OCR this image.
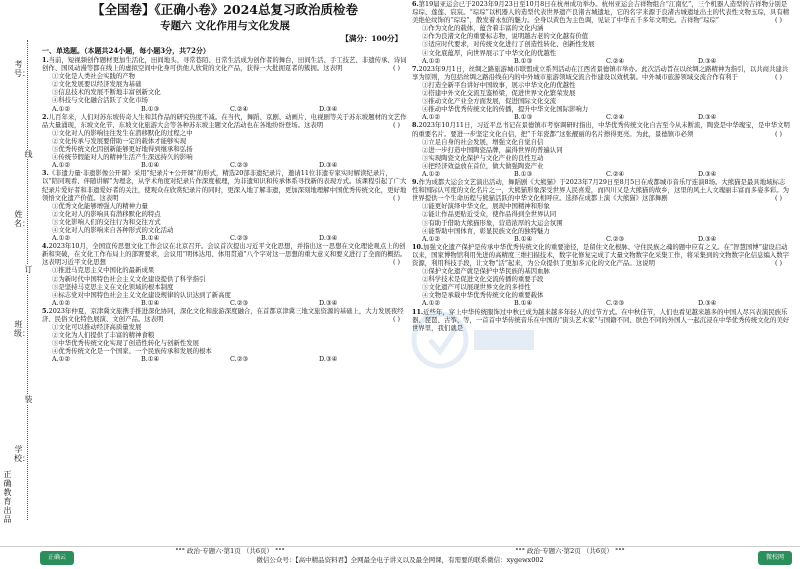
考号：
线
姓名：
订
班级：
装
学校：
正确教育出品
【全国卷】《正确小卷》2024总复习政治质检卷
专题六 文化作用与文化发展
【满分：100分】
一、单选题。（本题共24小题，每小题3分，共72分）
1.当前，短视频创作题材更加生活化，田间地头、寻常巷陌、日常生活成为创作者的舞台，田间生活、手工技艺、非遗传承、诗词创作、国风动漫等都在线上的虚拟空间中化身可供他人欣赏的文化产品，获得一大批拥趸者的簇拥。这表明	( )
①文化是人类社会实践的产物
②文化发展要以经济发展为基础
③信息技术的发展不断地丰富创新文化
④科技与文化融合活跃了文化市场
A.①②	B.①③	C.②④	D.③④
2.儿百年来，人们对苏东坡传奇人生和其作品的研究热度不减。在当代，舞蹈、京剧、动画片、电视剧等关于苏东坡题材的文艺作品大量涌现，东坡文化节、东坡文化旅游大会等各种苏东坡主题文化活动也在各地纷纷登场。这表明	( )
①文化对人的影响往往发生在潜移默化的过程之中
②文化传承与发展要借助一定的载体才能够实现
③优秀传统文化因创新能够更好地得到继承和弘扬
④传统节假能对人的精神生活产生深远持久的影响
A.①②	B.①④	C.②③	D.③④
3.《非遗力量·非遗影像公开课》采用“纪录片+公开课”的形式，精选20部非遗纪录片，邀请11位非遗专家实时解读纪录片，以“陪同观看、伴随讲解”为理念，从学术角度对纪录片作深度梳理，为非遗知识和传承体系寻找新的表现方式。该课程引起了广大纪录片爱好者和非遗爱好者的关注，使观众在欣赏纪录片的同时，更深入地了解非遗，更加深刻地理解中国优秀传统文化，更好地领悟文化遗产价值。这表明	( )
①优秀文化能够增强人的精神力量
②文化对人的影响具有潜移默化的特点
③文化影响人们的交往行为和交往方式
④文化对人的影响来自各种形式的文化活动
A.①②	B.①④	C.②③	D.③④
4.2023年10月，全国宣传思想文化工作会议在北京召开。会议首次提出习近平文化思想，并指出这一思想在文化理论观点上的创新和突破，在文化工作布局上的部署要求，会议用“明体达用、体用贯通”八个字对这一思想的重大意义和要义进行了全面的概括。这表明习近平文化思想	( )
①推进马克思主义中国化的最新成果
②为新时代中国特色社会主义文化建设提供了科学指引
③是坚持马克思主义在文化领域的根本制度
④标志党对中国特色社会主义文化建设规律的认识达到了新高度
A.①②	B.①④	C.②③	D.③④
5.2023年仲夏，京津冀文旅携手推进深化协同，深化文化和旅游深度融合，在首都京津冀三地文旅资源的基础上，大力发展夜经济、民俗文化特色展演、文创产品。这表明	( )
①文化可以推动经济高质量发展
②文化为人们提供了丰富的精神食粮
③中华优秀传统文化实现了创造性转化与创新性发展
④优秀传统文化是一个国家、一个民族传承和发展的根本
A.①②	B.①④	C.②③	D.③④
6.第19届亚运会已于2023年9月23日至10月8日在杭州成功举办。杭州亚运会吉祥物组合“江南忆”，三个机器人造型的吉祥物分别是琮琮、莲莲、宸宸。“琮琮”以机器人的造型代表世界遗产良渚古城遗址，它的名字来源于良渚古城遗址出土的代表性文物玉琮，具有精美绝伦纹饰的“琮琮”，散发着永恒的魅力。全身以黄色为主色调，见证了中华五千多年文明史。吉祥物“琮琮”	( )
①作为文化的载体，蕴含着丰富的文化内涵
②作为良渚文化的重要标志物，说明越古老的文化越有价值
③适应时代要求，对传统文化进行了创造性转化、创新性发展
④文化底蕴厚，向世界展示了中华文化的优越性
A.①②	B.①③	C.②④	D.③④
7.2023年9月1日，丝绸之路旅游城市联盟成立系列活动在江西省景德镇市举办。此次活动旨在以丝绸之路精神为指引，以共商共建共享为原则，为包括丝绸之路沿线在内的中外城市旅游领域交流合作建设以效机制。中外城市旅游领域交流合作有利于	( )
①打造全新平台讲好中国故事，展示中华文化的优越性
②搭建中外文化交流互鉴桥梁，促进世界文化繁荣发展
③推动文化产业全方面发展，促进国际文化交流
④推动中华优秀传统文化的传播，提升中华文化国际影响力
A.①②	B.①③	C.②④	D.③④
8.2023年10月11日，习近平总书记在景德镇市考察调研时指出，中华优秀传统文化自古至今从未断流，陶瓷是中华瑰宝，是中华文明的重要名片。要进一步坚定文化自信，把“千年瓷都”这张靓丽的名片擦得更亮。为此，景德镇市必须	( )
①立足自身的社会发展，增强文化自觉自信
②进一步打造中国陶瓷品牌，赢得世界的普遍认同
③实现陶瓷文化保护与文化产业的良性互动
④把经济效益放在首位，做大做强陶瓷产业
A.①②	B.①③	C.②④	D.③④
9.作为成都大运会文艺演出活动，舞蹈剧《大熊猫》于2023年7月29日至8月5日在成都城市音乐厅连演8场。大熊猫是最具地域标志性和国际认可度的文化名片之一，大熊猫形象深受世界人民喜爱，而四川又是大熊猫的故乡，这里的风土人文瑰丽丰富而多姿多彩。为世界提供一个生命历程与熊猫活跃的中华文化相呼应。选择在成都上演《大熊猫》这部舞剧	( )
①能更好演绎中华文化，展现中国精神和形象
②能让作品更贴近受众，使作品得到全世界认同
③有助于借助大熊猫形象，营造浓厚的大运会氛围
④能帮助中国体育，彰显民族文化的独特魅力
A.①②	B.①④	C.②③	D.③④
10.加强文化遗产保护是传承中华优秀传统文化的重要途径，是留住文化根脉、守住民族之魂的题中应有之义。在“智慧国博”建设启动以来，国家博物馆利用先进的高精度三维扫描技术，数字化修复完成了大量文物数字化采集工作，将采集到的文物数字化信息编入数字资源，利用科技手段，让文物“活”起来，为公众提供了更加多元化的文化产品。这说明	( )
①保护文化遗产就是保护中华民族的基因血脉
②科学技术是促进文化交流传播的重要手段
③文化遗产可以展现世界文化的多样性
④文物是承载中华优秀传统文化的重要载体
A.①②	B.①④	C.②③	D.③④
11.近些年，穿上中华传统服饰过中秋已成为越来越多年轻人的过节方式。在中秋佳节，人们也看见越来越多的中国人尽兴表演民族乐器、琵琶、古筝、等，一首首中华传统音乐在中国的“街头艺术家”与国籍不同、肤色不同的外国人一起沉浸在中华优秀传统文化的美好世界里，我们就是
正确云
°°° 政治·专题六·第1页 （共6页） °°°	°°° 政治·专题六·第2页 （共6页） °°°
微信公众号：【高中精品资料君】全网最全电子讲义以及最全网课，有需要的联系微信：xygewx002	微校网
